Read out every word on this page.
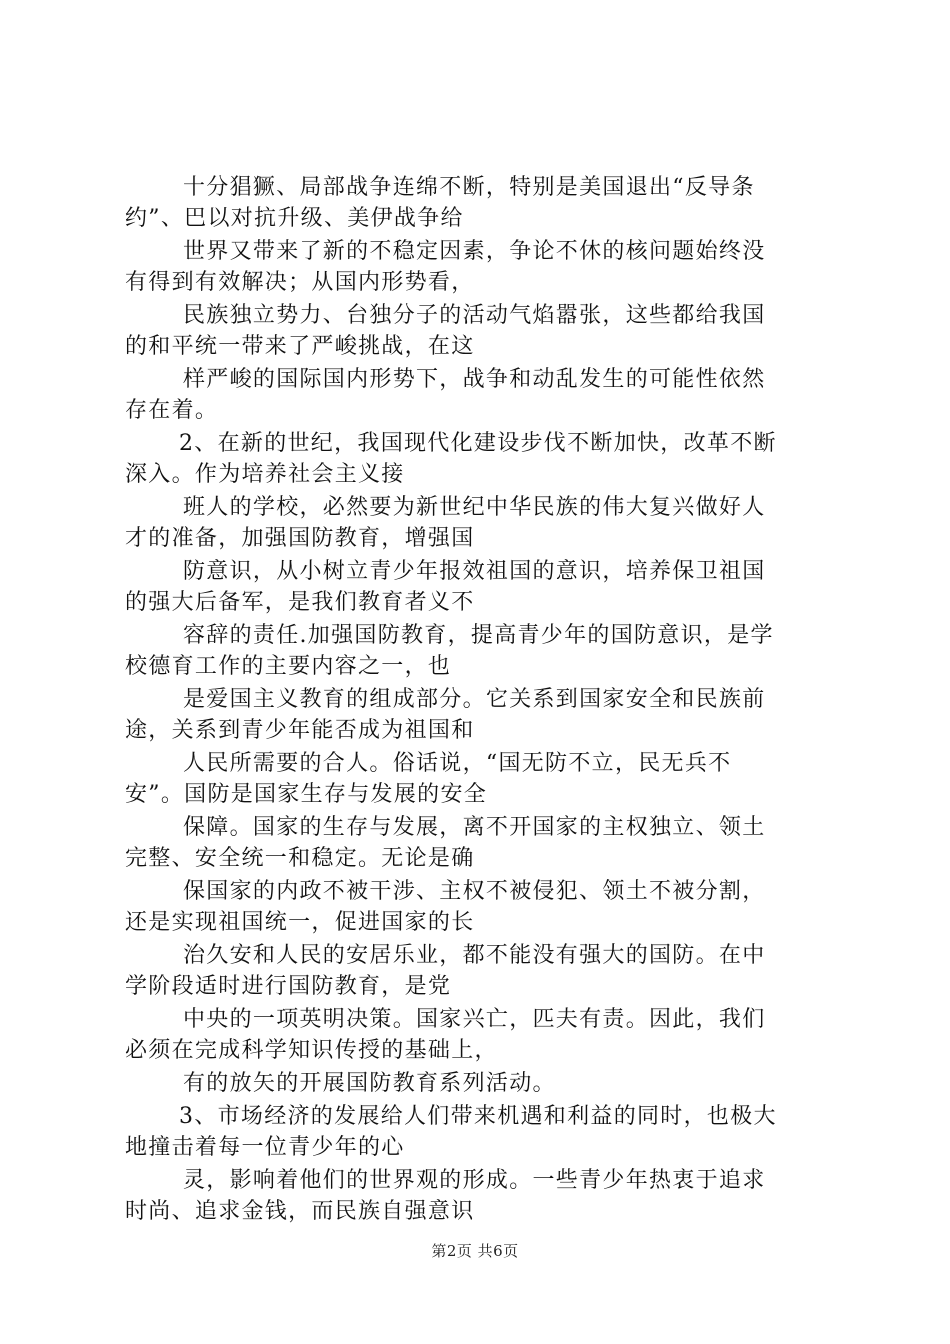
十分猖獗、局部战争连绵不断，特别是美国退出“反导条
约”、巴以对抗升级、美伊战争给
世界又带来了新的不稳定因素，争论不休的核问题始终没
有得到有效解决；从国内形势看，
民族独立势力、台独分子的活动气焰嚣张，这些都给我国
的和平统一带来了严峻挑战，在这
样严峻的国际国内形势下，战争和动乱发生的可能性依然
存在着。
2、在新的世纪，我国现代化建设步伐不断加快，改革不断
深入。作为培养社会主义接
班人的学校，必然要为新世纪中华民族的伟大复兴做好人
才的准备，加强国防教育，增强国
防意识，从小树立青少年报效祖国的意识，培养保卫祖国
的强大后备军，是我们教育者义不
容辞的责任.加强国防教育，提高青少年的国防意识，是学
校德育工作的主要内容之一，也
是爱国主义教育的组成部分。它关系到国家安全和民族前
途，关系到青少年能否成为祖国和
人民所需要的合人。俗话说，“国无防不立，民无兵不
安”。国防是国家生存与发展的安全
保障。国家的生存与发展，离不开国家的主权独立、领土
完整、安全统一和稳定。无论是确
保国家的内政不被干涉、主权不被侵犯、领土不被分割，
还是实现祖国统一，促进国家的长
治久安和人民的安居乐业，都不能没有强大的国防。在中
学阶段适时进行国防教育，是党
中央的一项英明决策。国家兴亡，匹夫有责。因此，我们
必须在完成科学知识传授的基础上，
有的放矢的开展国防教育系列活动。
3、市场经济的发展给人们带来机遇和利益的同时，也极大
地撞击着每一位青少年的心
灵，影响着他们的世界观的形成。一些青少年热衷于追求
时尚、追求金钱，而民族自强意识
第2页 共6页
